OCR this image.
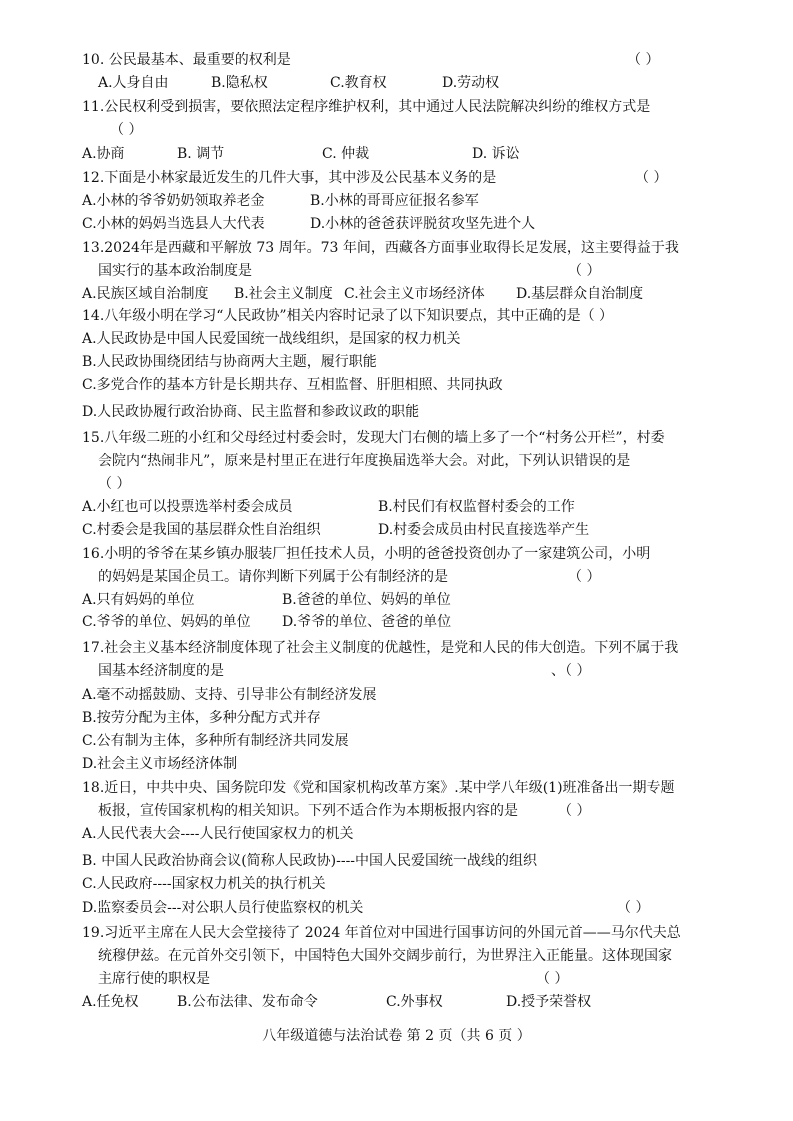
10. 公民最基本、最重要的权利是	（ ）
A.人身自由	B.隐私权	C.教育权	D.劳动权
11.公民权利受到损害，要依照法定程序维护权利，其中通过人民法院解决纠纷的维权方式是
（ ）
A.协商	B. 调节	C. 仲裁	D. 诉讼
12.下面是小林家最近发生的几件大事，其中涉及公民基本义务的是	（ ）
A.小林的爷爷奶奶领取养老金	B.小林的哥哥应征报名参军
C.小林的妈妈当选县人大代表	D.小林的爸爸获评脱贫攻坚先进个人
13.2024年是西藏和平解放 73 周年。73 年间，西藏各方面事业取得长足发展，这主要得益于我
国实行的基本政治制度是	（ ）
A.民族区域自治制度 B.社会主义制度 C.社会主义市场经济体 D.基层群众自治制度
14.八年级小明在学习“人民政协”相关内容时记录了以下知识要点，其中正确的是（ ）
A.人民政协是中国人民爱国统一战线组织，是国家的权力机关
B.人民政协围绕团结与协商两大主题，履行职能
C.多党合作的基本方针是长期共存、互相监督、肝胆相照、共同执政
D.人民政协履行政治协商、民主监督和参政议政的职能
15.八年级二班的小红和父母经过村委会时，发现大门右侧的墙上多了一个“村务公开栏”，村委
会院内“热闹非凡”，原来是村里正在进行年度换届选举大会。对此，下列认识错误的是
（ ）
A.小红也可以投票选举村委会成员	B.村民们有权监督村委会的工作
C.村委会是我国的基层群众性自治组织	D.村委会成员由村民直接选举产生
16.小明的爷爷在某乡镇办服装厂担任技术人员，小明的爸爸投资创办了一家建筑公司，小明
的妈妈是某国企员工。请你判断下列属于公有制经济的是	（ ）
A.只有妈妈的单位	B.爸爸的单位、妈妈的单位
C.爷爷的单位、妈妈的单位 D.爷爷的单位、爸爸的单位
17.社会主义基本经济制度体现了社会主义制度的优越性，是党和人民的伟大创造。下列不属于我
国基本经济制度的是	、（ ）
A.毫不动摇鼓励、支持、引导非公有制经济发展
B.按劳分配为主体，多种分配方式并存
C.公有制为主体，多种所有制经济共同发展
D.社会主义市场经济体制
18.近日，中共中央、国务院印发《党和国家机构改革方案》.某中学八年级(1)班准备出一期专题
板报，宣传国家机构的相关知识。下列不适合作为本期板报内容的是	（ ）
A.人民代表大会----人民行使国家权力的机关
B. 中国人民政治协商会议(简称人民政协)----中国人民爱国统一战线的组织
C.人民政府----国家权力机关的执行机关
D.监察委员会---对公职人员行使监察权的机关	（ ）
19.习近平主席在人民大会堂接待了 2024 年首位对中国进行国事访问的外国元首——马尔代夫总
统穆伊兹。在元首外交引领下，中国特色大国外交阔步前行，为世界注入正能量。这体现国家
主席行使的职权是	（ ）
A.任免权	B.公布法律、发布命令	C.外事权	D.授予荣誉权
八年级道德与法治试卷 第 2 页（共 6 页 ）
